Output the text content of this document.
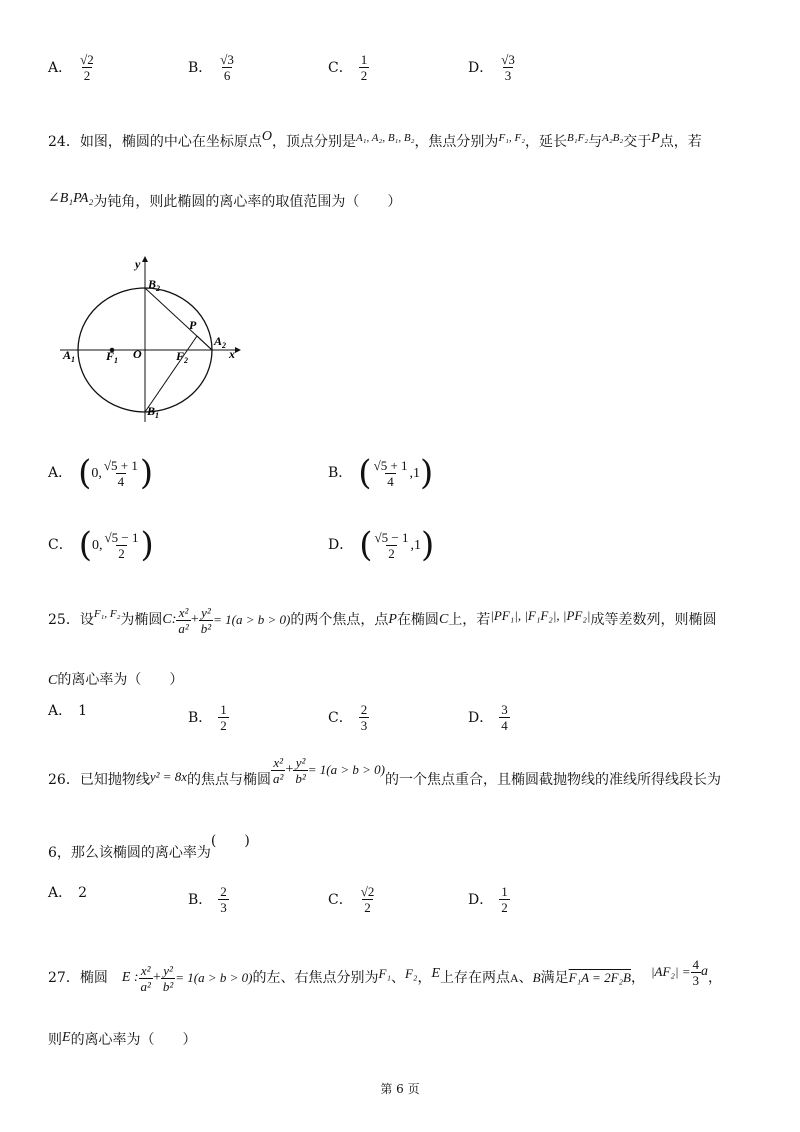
A． $\frac{√2}{2}$	B． $\frac{√3}{6}$	C． $\frac{1}{2}$	D． $\frac{√3}{3}$
24．如图，椭圆的中心在坐标原点O，顶点分别是$^{A_1, A_2, B_1, B_2}$，焦点分别为$^{F_1, F_2}$，延长$^{B_1F_2}$与$^{A_2B_2}$交于P点，若
∠B₁PA₂为钝角，则此椭圆的离心率的取值范围为（　　）
y
x
$B_2$
P
$A_1$	$F_1$ O	$F_2$
$A_2$
$B_1$
A． (0, $\frac{√5 + 1}{4}$ )	B． ( $\frac{√5 + 1}{4} ,1$)
C． (0, $\frac{√5 - 1}{2}$ )	D． ( $\frac{√5 - 1}{2} ,1$)
25． 设 F₁, F₂ 为椭圆 C: $\frac{\text{x²}}{\text{a²}} + \frac{\text{y²}}{\text{b²}} = 1(a > b > 0)$ 的两个焦点，点 P 在椭圆 C 上，若 |PF₁|, |F₁F₂|, |PF₂| 成等差数列，则椭圆
C的离心率为（　　）
A． 1	B． $\frac{1}{2}$	C． $\frac{2}{3}$	D． $\frac{3}{4}$
26． 已知抛物线 y² = 8x 的焦点与椭圆 $\frac{\text{x²}}{\text{a²}} + \frac{\text{y²}}{\text{b²}} = 1(a > b > 0)$
的一个焦点重合，且椭圆截抛物线的准线所得线段长为
6，那么该椭圆的离心率为(　　)
A． 2	B． $\frac{2}{3}$	C． $\frac{√2}{2}$	D． $\frac{1}{2}$
27． 椭圆 E : $\frac{\text{x²}}{\text{a²}} + \frac{\text{y²}}{\text{b²}} = 1(a > b > 0)$ 的左、右焦点分别为 F₁ 、 F₂ ， E 上存在两点 A 、 B 满足 F₁A = 2F₂B ， $|AF_2| = \frac{4}{3}$ a ，
则E的离心率为（　　）
第 6 页
